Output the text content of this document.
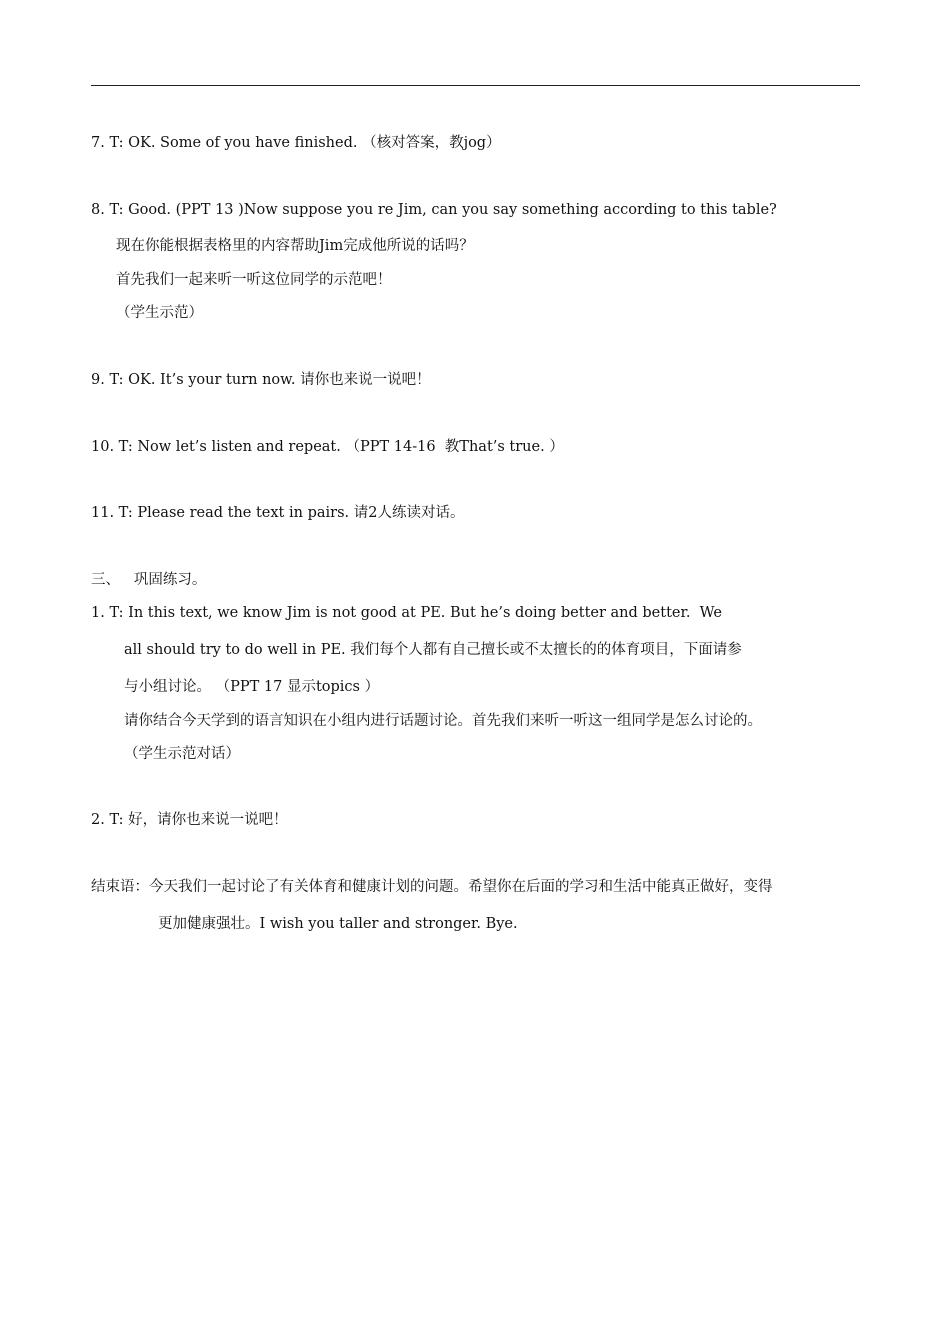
7. T: OK. Some of you have finished. （核对答案，教jog）
8. T: Good. (PPT 13 )Now suppose you re Jim, can you say something according to this table?
现在你能根据表格里的内容帮助Jim完成他所说的话吗？
首先我们一起来听一听这位同学的示范吧！
（学生示范）
9. T: OK. It’s your turn now. 请你也来说一说吧！
10. T: Now let’s listen and repeat. （PPT 14-16  教That’s true. ）
11. T: Please read the text in pairs. 请2人练读对话。
三、   巩固练习。
1. T: In this text, we know Jim is not good at PE. But he’s doing better and better.  We
all should try to do well in PE. 我们每个人都有自己擅长或不太擅长的的体育项目，下面请参
与小组讨论。 （PPT 17 显示topics ）
请你结合今天学到的语言知识在小组内进行话题讨论。首先我们来听一听这一组同学是怎么讨论的。
（学生示范对话）
2. T: 好，请你也来说一说吧！
结束语：今天我们一起讨论了有关体育和健康计划的问题。希望你在后面的学习和生活中能真正做好，变得
更加健康强壮。I wish you taller and stronger. Bye.
